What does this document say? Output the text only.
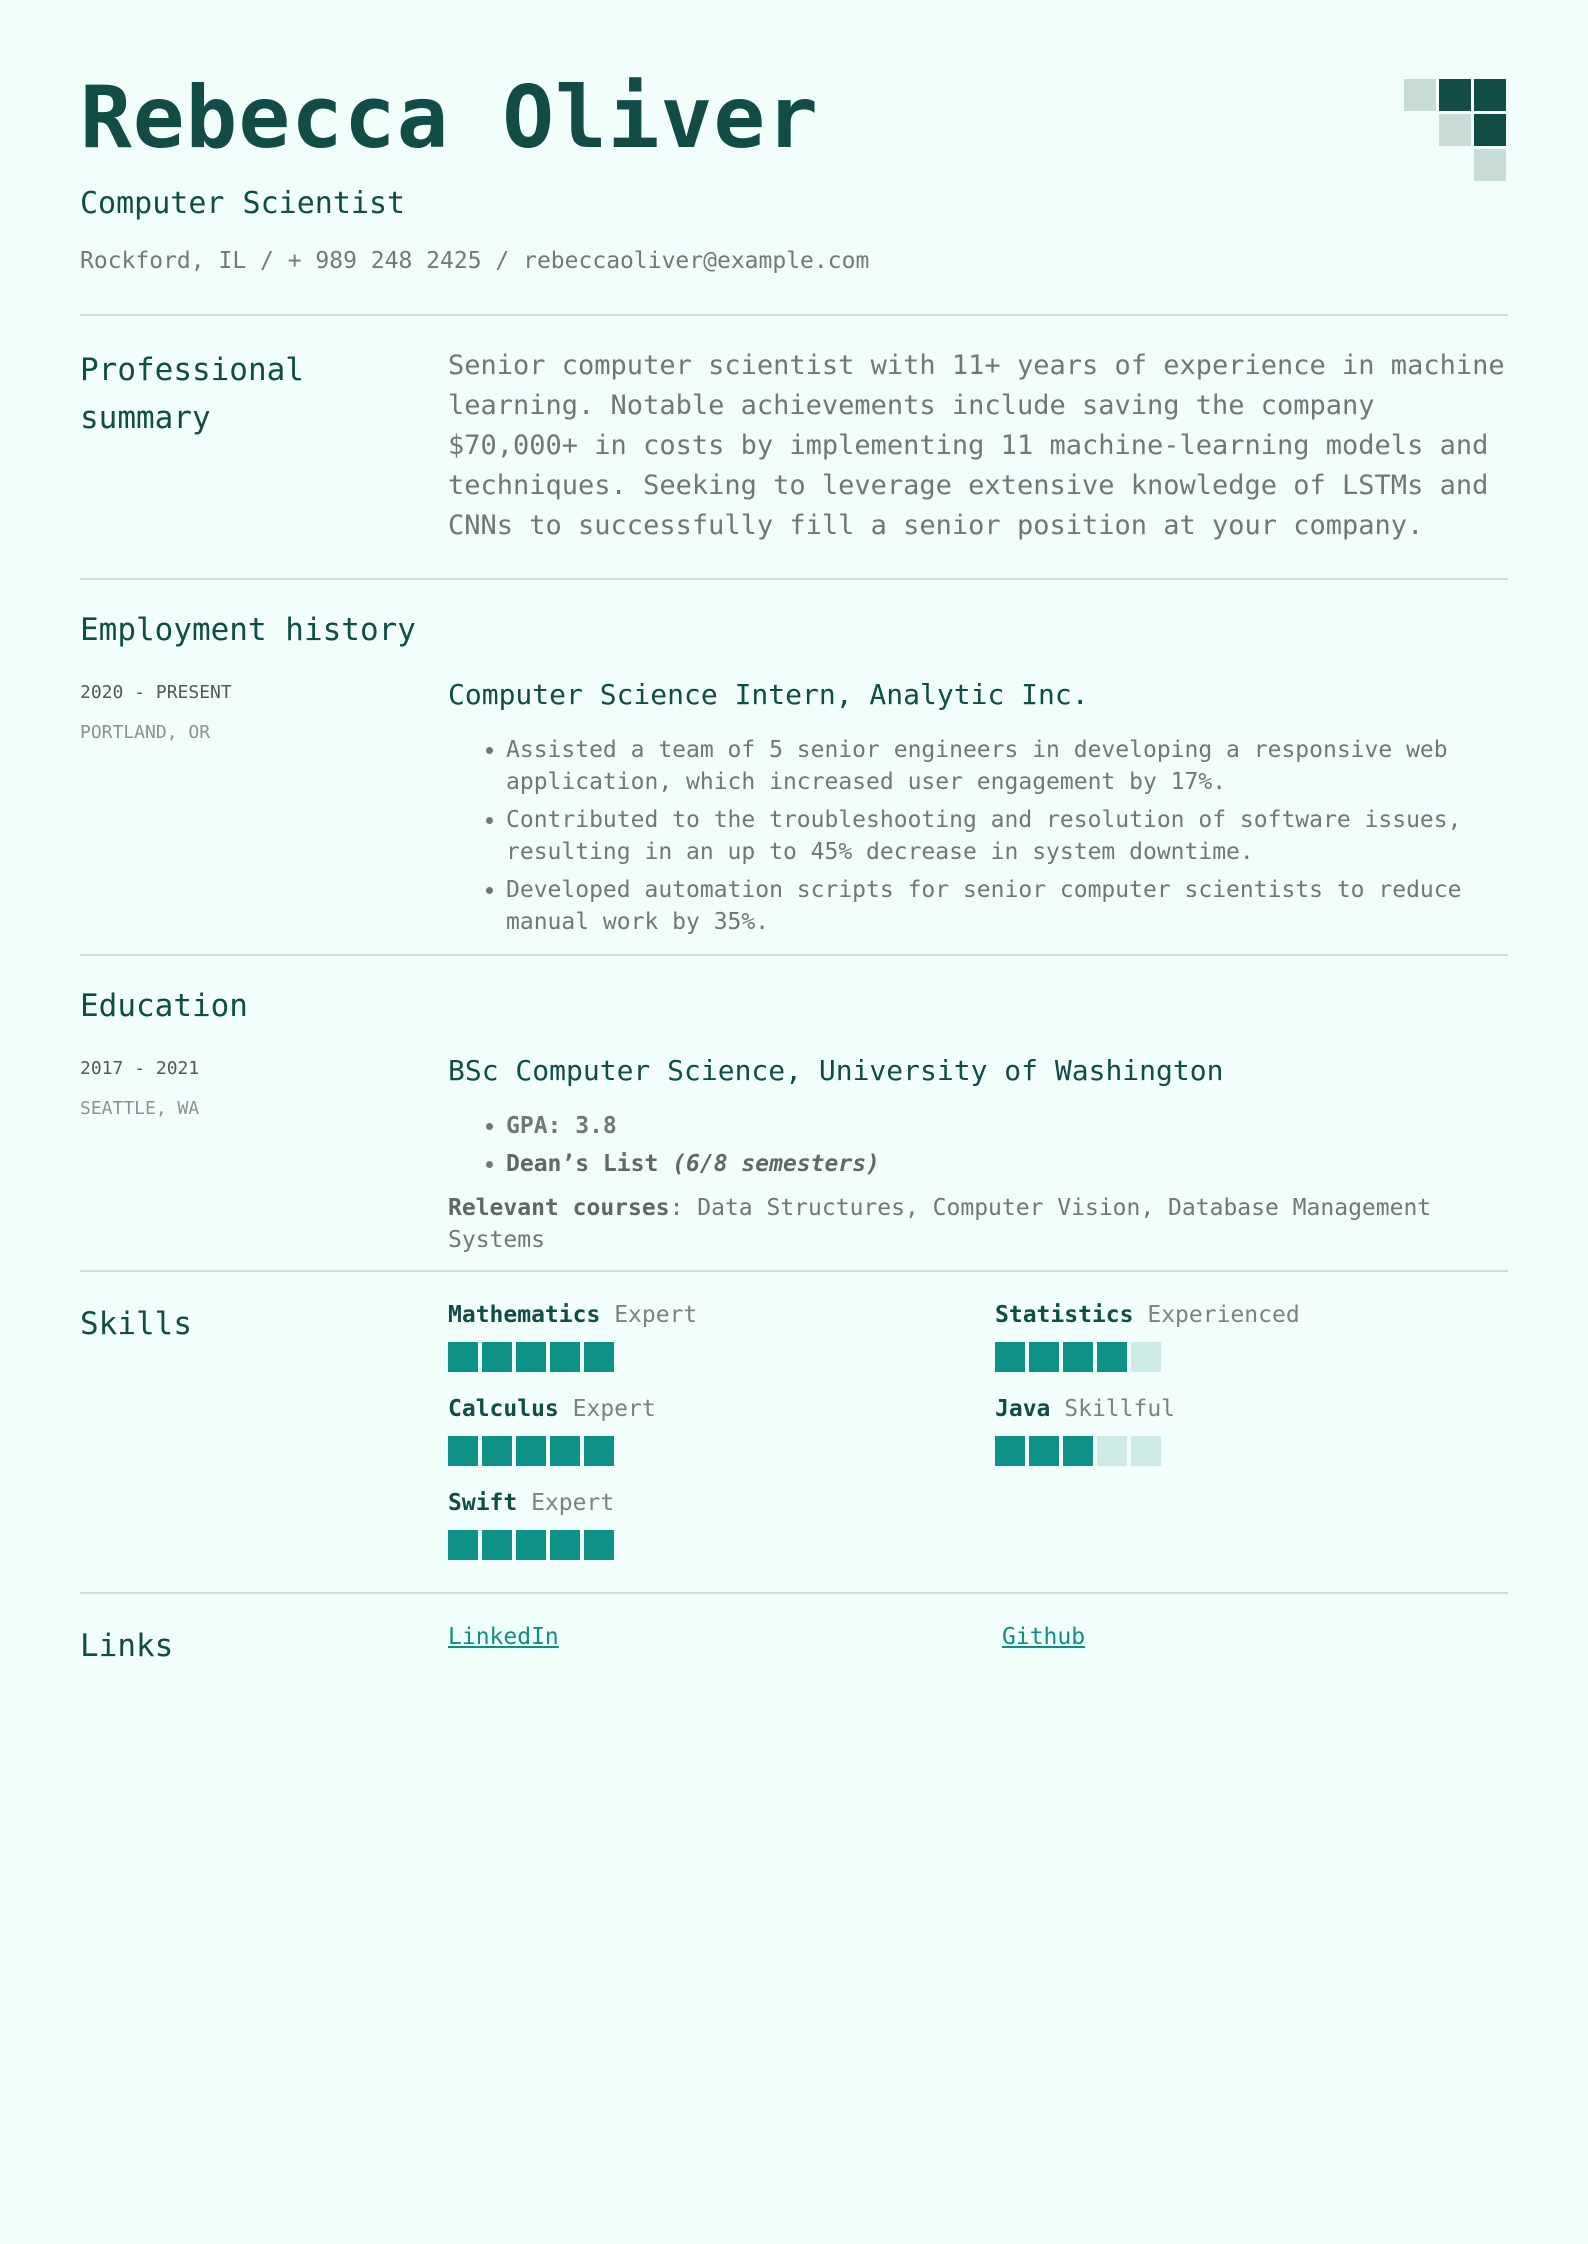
Rebecca Oliver
Computer Scientist
Rockford, IL / + 989 248 2425 / rebeccaoliver@example.com
Professional
summary

Senior computer scientist with 11+ years of experience in machine learning. Notable achievements include saving the company $70,000+ in costs by implementing 11 machine-learning models and techniques. Seeking to leverage extensive knowledge of LSTMs and CNNs to successfully fill a senior position at your company.

Employment history
2020 - PRESENT
PORTLAND, OR
Computer Science Intern, Analytic Inc.
• Assisted a team of 5 senior engineers in developing a responsive web application, which increased user engagement by 17%.
• Contributed to the troubleshooting and resolution of software issues, resulting in an up to 45% decrease in system downtime.
• Developed automation scripts for senior computer scientists to reduce manual work by 35%.
Education
2017 - 2021
SEATTLE, WA
BSc Computer Science, University of Washington
• GPA: 3.8
• Dean’s List (6/8 semesters)
Relevant courses: Data Structures, Computer Vision, Database Management Systems
Skills	Mathematics Expert	Statistics Experienced
Calculus Expert	Java Skillful
Swift Expert
Links	LinkedIn	Github
